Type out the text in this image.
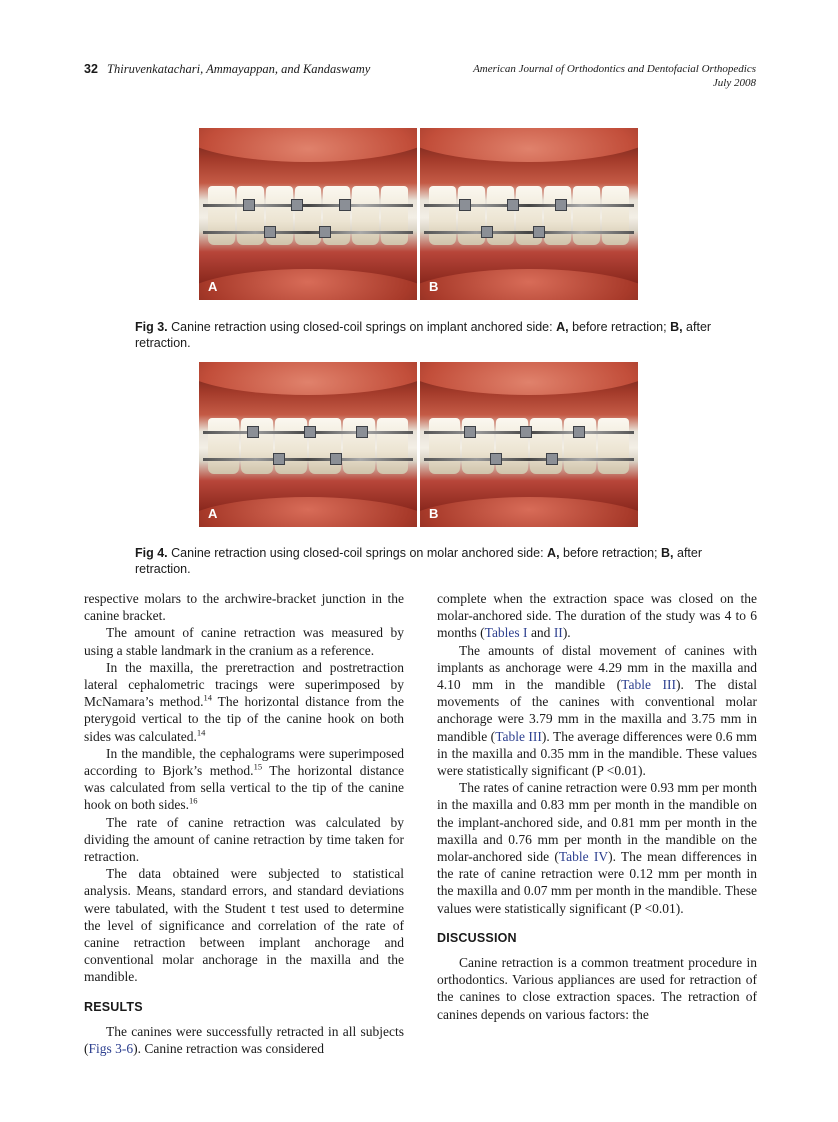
32 Thiruvenkatachari, Ammayappan, and Kandaswamy	American Journal of Orthodontics and Dentofacial Orthopedics
July 2008
A	B
Fig 3. Canine retraction using closed-coil springs on implant anchored side: A, before retraction; B, after retraction.
A	B
Fig 4. Canine retraction using closed-coil springs on molar anchored side: A, before retraction; B, after retraction.

respective molars to the archwire-bracket junction in the canine bracket.

The amount of canine retraction was measured by using a stable landmark in the cranium as a reference.

In the maxilla, the preretraction and postretraction lateral cephalometric tracings were superimposed by McNamara’s method.$^{14}$ The horizontal distance from the pterygoid vertical to the tip of the canine hook on both sides was calculated.$^{14}$

In the mandible, the cephalograms were superimposed according to Bjork’s method.$^{15}$ The horizontal distance was calculated from sella vertical to the tip of the canine hook on both sides.$^{16}$

The rate of canine retraction was calculated by dividing the amount of canine retraction by time taken for retraction.

The data obtained were subjected to statistical analysis. Means, standard errors, and standard deviations were tabulated, with the Student t test used to determine the level of significance and correlation of the rate of canine retraction between implant anchorage and conventional molar anchorage in the maxilla and the mandible.

RESULTS

The canines were successfully retracted in all subjects (Figs 3-6). Canine retraction was considered

complete when the extraction space was closed on the molar-anchored side. The duration of the study was 4 to 6 months (Tables I and II).

The amounts of distal movement of canines with implants as anchorage were 4.29 mm in the maxilla and 4.10 mm in the mandible (Table III). The distal movements of the canines with conventional molar anchorage were 3.79 mm in the maxilla and 3.75 mm in mandible (Table III). The average differences were 0.6 mm in the maxilla and 0.35 mm in the mandible. These values were statistically significant (P <0.01).

The rates of canine retraction were 0.93 mm per month in the maxilla and 0.83 mm per month in the mandible on the implant-anchored side, and 0.81 mm per month in the maxilla and 0.76 mm per month in the mandible on the molar-anchored side (Table IV). The mean differences in the rate of canine retraction were 0.12 mm per month in the maxilla and 0.07 mm per month in the mandible. These values were statistically significant (P <0.01).

DISCUSSION

Canine retraction is a common treatment procedure in orthodontics. Various appliances are used for retraction of the canines to close extraction spaces. The retraction of canines depends on various factors: the
